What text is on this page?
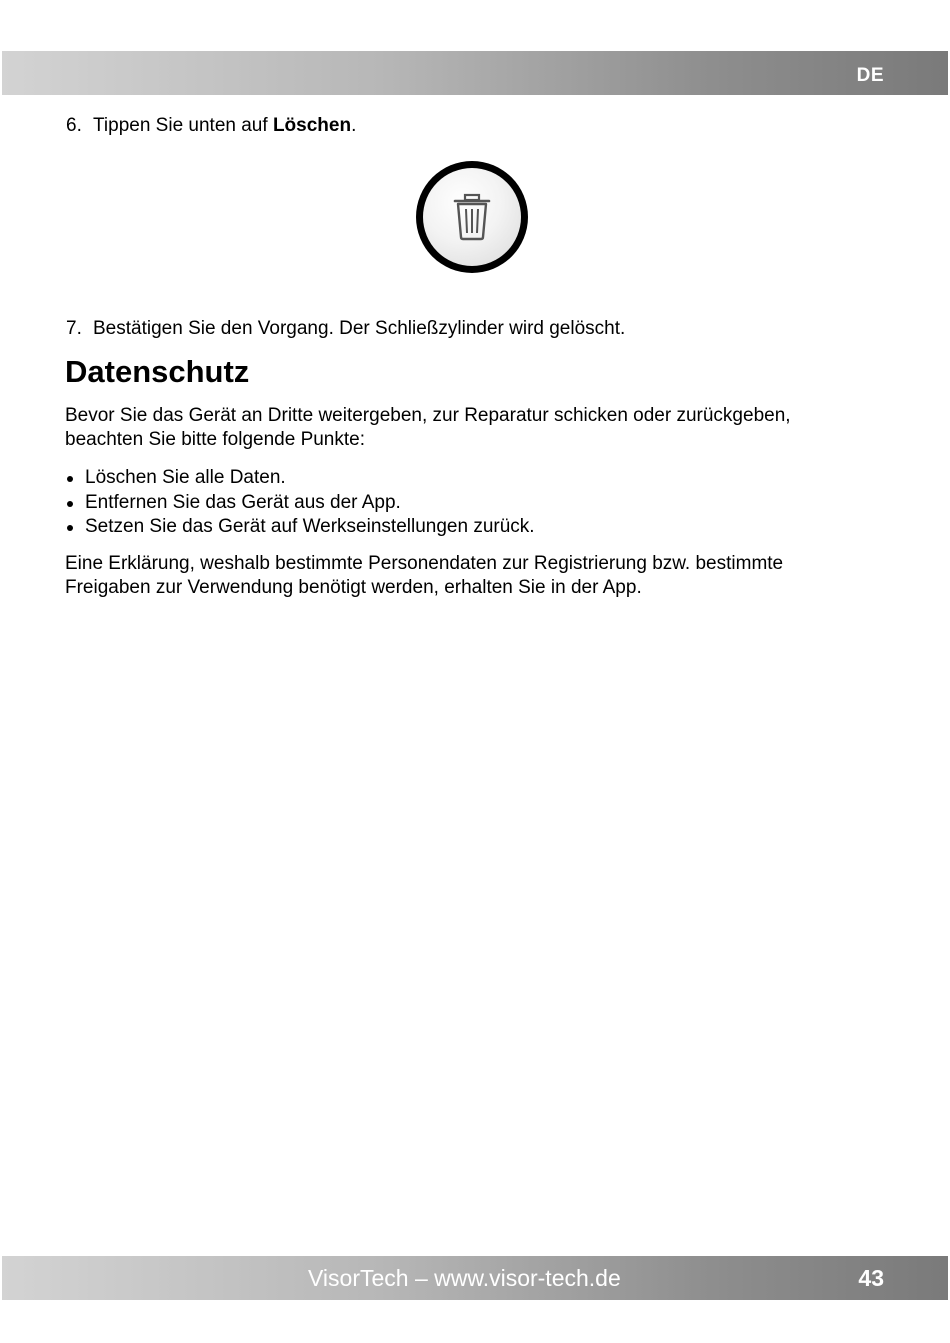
DE
6. Tippen Sie unten auf Löschen.
7. Bestätigen Sie den Vorgang. Der Schließzylinder wird gelöscht.
Datenschutz

Bevor Sie das Gerät an Dritte weitergeben, zur Reparatur schicken oder zurückgeben, beachten Sie bitte folgende Punkte:

Löschen Sie alle Daten.
Entfernen Sie das Gerät aus der App.
Setzen Sie das Gerät auf Werkseinstellungen zurück.

Eine Erklärung, weshalb bestimmte Personendaten zur Registrierung bzw. bestimmte Freigaben zur Verwendung benötigt werden, erhalten Sie in der App.

VisorTech – www.visor-tech.de	43
